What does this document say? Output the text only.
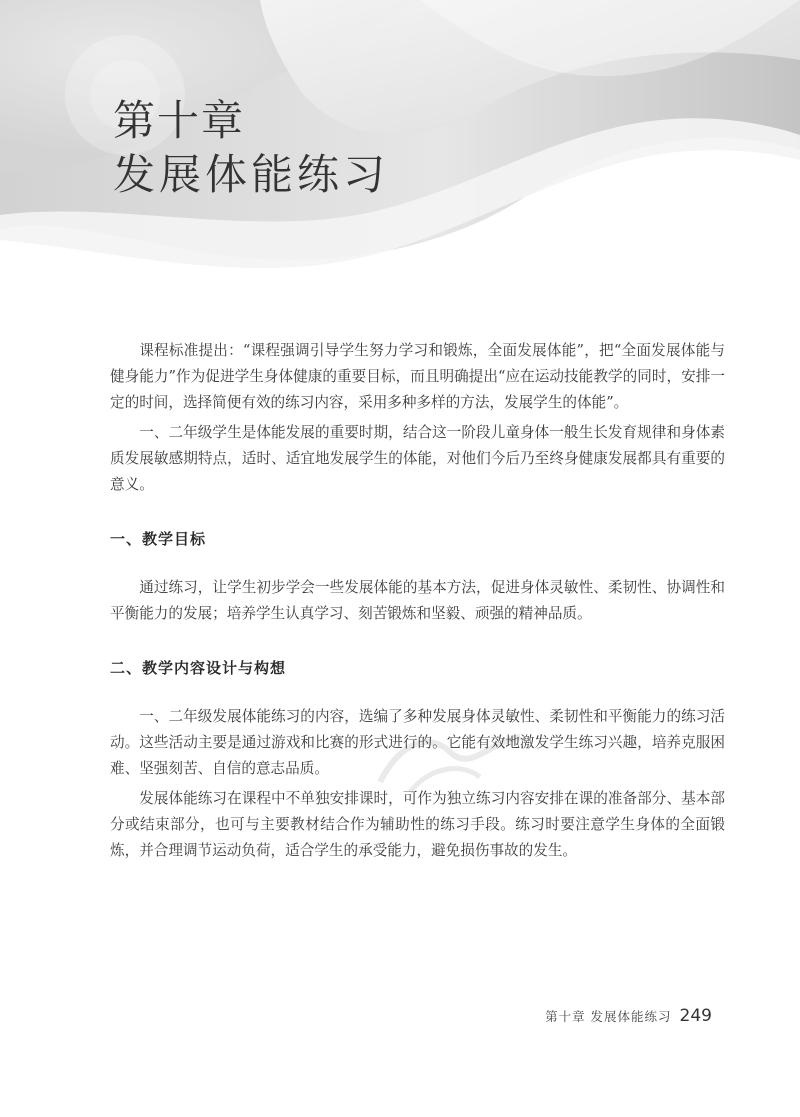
第十章
发展体能练习

课程标准提出：“课程强调引导学生努力学习和锻炼，全面发展体能”，把“全面发展体能与健身能力”作为促进学生身体健康的重要目标，而且明确提出“应在运动技能教学的同时，安排一定的时间，选择简便有效的练习内容，采用多种多样的方法，发展学生的体能”。

一、二年级学生是体能发展的重要时期，结合这一阶段儿童身体一般生长发育规律和身体素质发展敏感期特点，适时、适宜地发展学生的体能，对他们今后乃至终身健康发展都具有重要的意义。

一、教学目标

通过练习，让学生初步学会一些发展体能的基本方法，促进身体灵敏性、柔韧性、协调性和平衡能力的发展；培养学生认真学习、刻苦锻炼和坚毅、顽强的精神品质。

二、教学内容设计与构想

一、二年级发展体能练习的内容，选编了多种发展身体灵敏性、柔韧性和平衡能力的练习活动。这些活动主要是通过游戏和比赛的形式进行的。它能有效地激发学生练习兴趣，培养克服困难、坚强刻苦、自信的意志品质。

发展体能练习在课程中不单独安排课时，可作为独立练习内容安排在课的准备部分、基本部分或结束部分，也可与主要教材结合作为辅助性的练习手段。练习时要注意学生身体的全面锻炼，并合理调节运动负荷，适合学生的承受能力，避免损伤事故的发生。

第十章 发展体能练习 249
